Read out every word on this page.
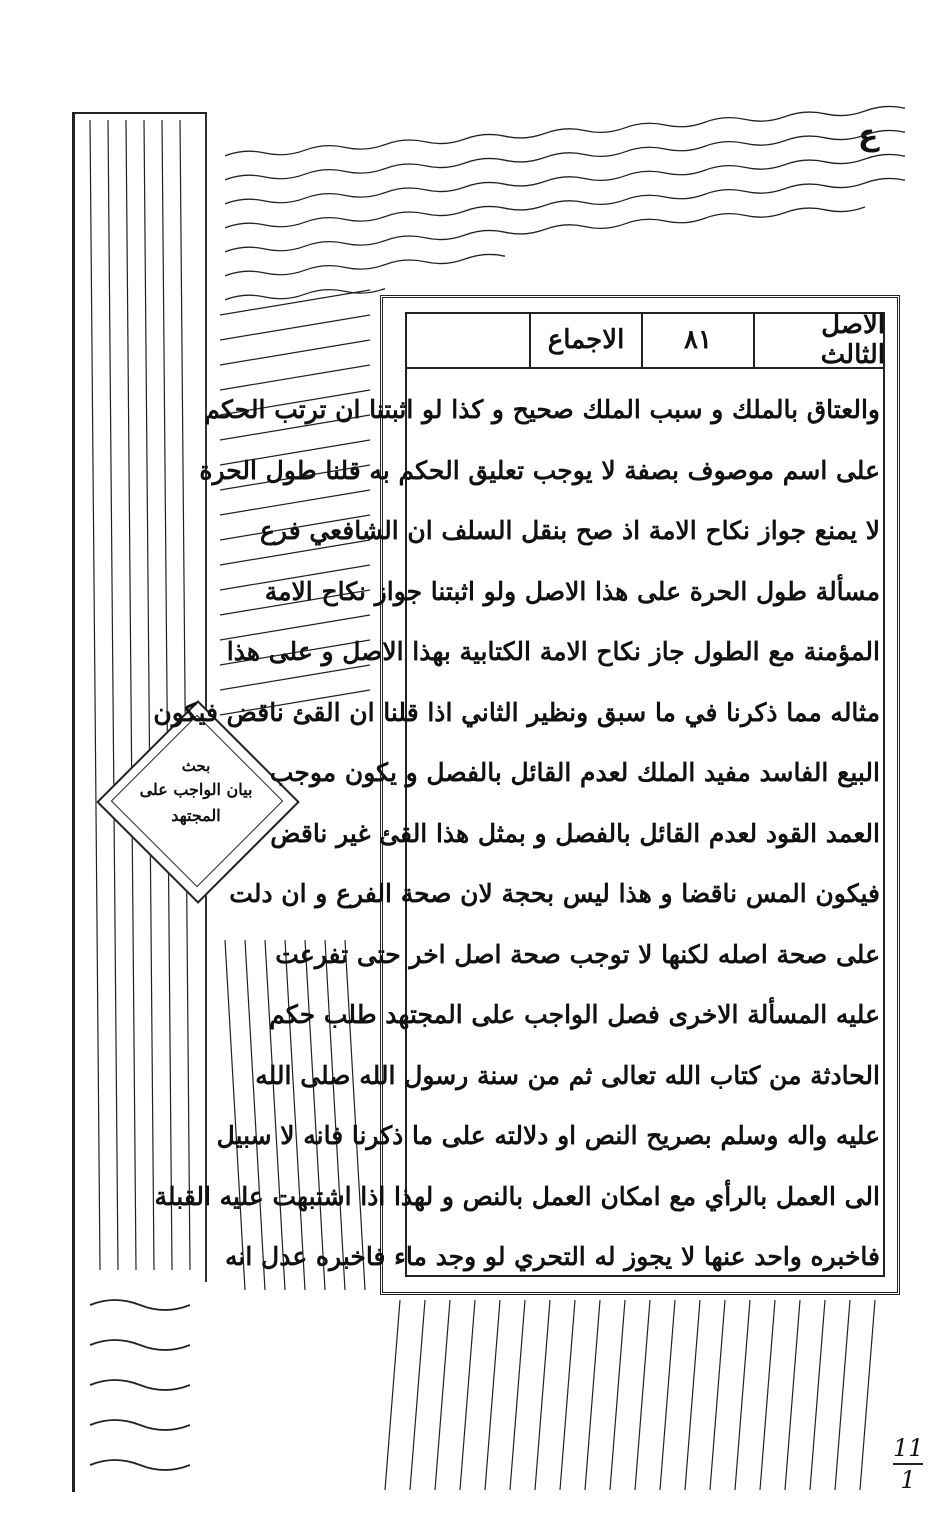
ع
بحث
بيان الواجب على
المجتهد
الاصل الثالث
۸۱
الاجماع
والعتاق بالملك و سبب الملك صحيح و كذا لو اثبتنا ان ترتب الحكم
على اسم موصوف بصفة لا يوجب تعليق الحكم به قلنا طول الحرة
لا يمنع جواز نكاح الامة اذ صح بنقل السلف ان الشافعي فرع
مسألة طول الحرة على هذا الاصل ولو اثبتنا جواز نكاح الامة
المؤمنة مع الطول جاز نكاح الامة الكتابية بهذا الاصل و على هذا
مثاله مما ذكرنا في ما سبق ونظير الثاني اذا قلنا ان القئ ناقض فيكون
البيع الفاسد مفيد الملك لعدم القائل بالفصل و يكون موجب
العمد القود لعدم القائل بالفصل و بمثل هذا القئ غير ناقض
فيكون المس ناقضا و هذا ليس بحجة لان صحة الفرع و ان دلت
على صحة اصله لكنها لا توجب صحة اصل اخر حتى تفرعت
عليه المسألة الاخرى فصل الواجب على المجتهد طلب حكم
الحادثة من كتاب الله تعالى ثم من سنة رسول الله صلى الله
عليه واله وسلم بصريح النص او دلالته على ما ذكرنا فانه لا سبيل
الى العمل بالرأي مع امكان العمل بالنص و لهذا اذا اشتبهت عليه القبلة
فاخبره واحد عنها لا يجوز له التحري لو وجد ماء فاخبره عدل انه
11
1
